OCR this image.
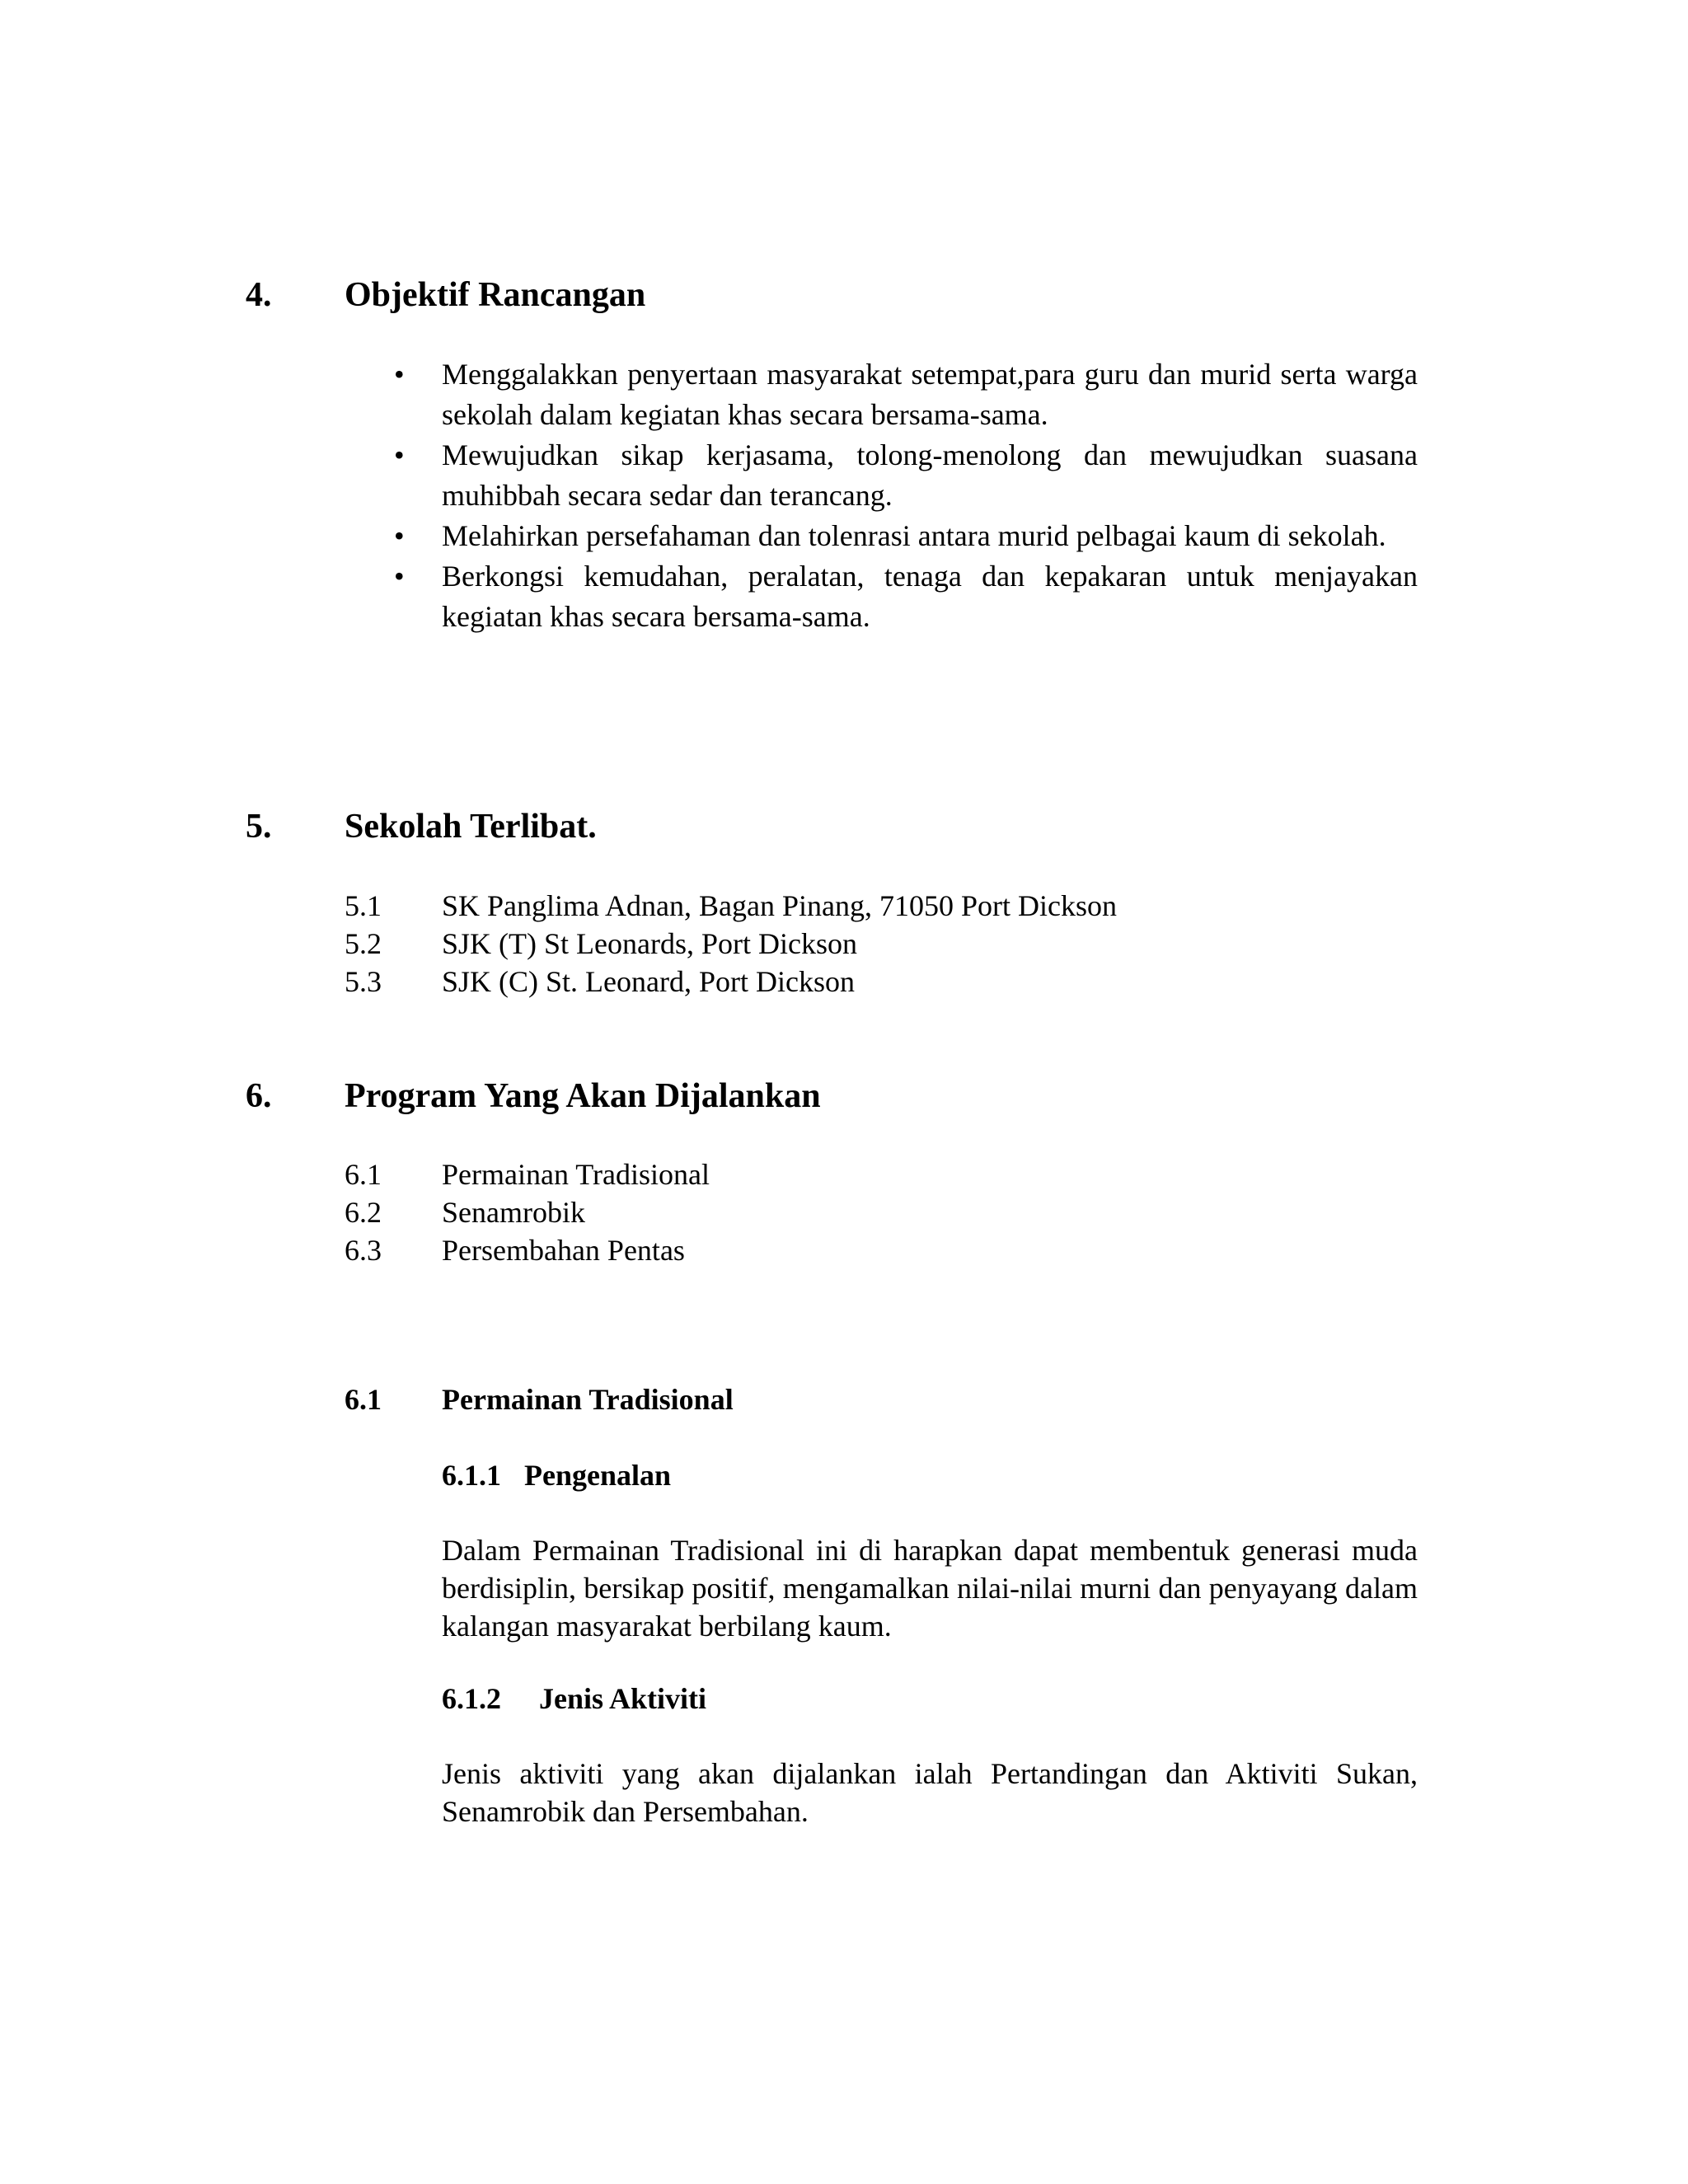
4. Objektif Rancangan
• Menggalakkan penyertaan masyarakat setempat,para guru dan murid serta warga sekolah dalam kegiatan khas secara bersama-sama.
• Mewujudkan sikap kerjasama, tolong-menolong dan mewujudkan suasana muhibbah secara sedar dan terancang.
• Melahirkan persefahaman dan tolenrasi antara murid pelbagai kaum di sekolah.
• Berkongsi kemudahan, peralatan, tenaga dan kepakaran untuk menjayakan kegiatan khas secara bersama-sama.
5. Sekolah Terlibat.
5.1 SK Panglima Adnan, Bagan Pinang, 71050 Port Dickson
5.2 SJK (T) St Leonards, Port Dickson
5.3 SJK (C) St. Leonard, Port Dickson
6. Program Yang Akan Dijalankan
6.1 Permainan Tradisional
6.2 Senamrobik
6.3 Persembahan Pentas
6.1 Permainan Tradisional
6.1.1 Pengenalan

Dalam Permainan Tradisional ini di harapkan dapat membentuk generasi muda berdisiplin, bersikap positif, mengamalkan nilai-nilai murni dan penyayang dalam kalangan masyarakat berbilang kaum.

6.1.2 Jenis Aktiviti

Jenis aktiviti yang akan dijalankan ialah Pertandingan dan Aktiviti Sukan, Senamrobik dan Persembahan.
